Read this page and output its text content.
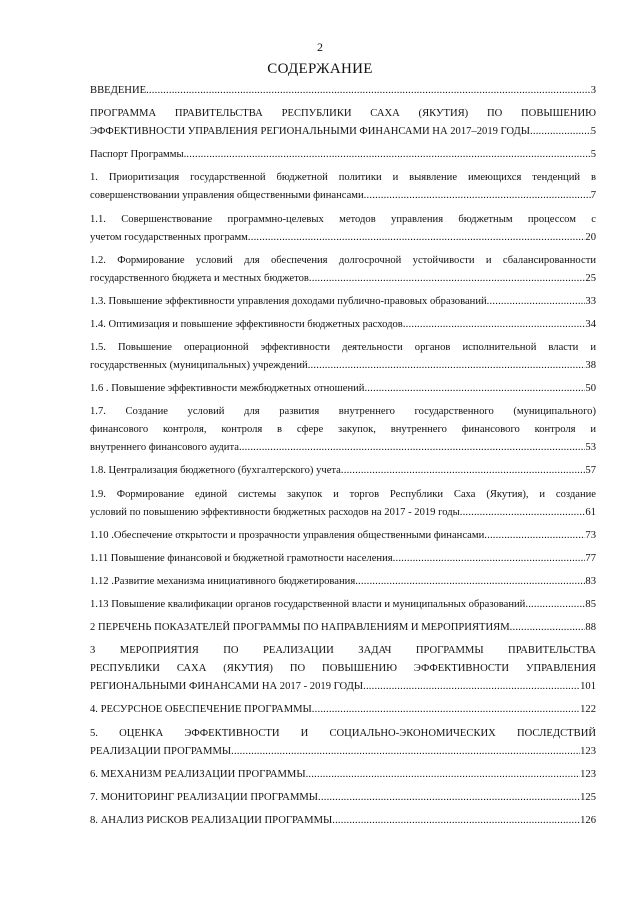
2
СОДЕРЖАНИЕ
ВВЕДЕНИЕ .....	3
ПРОГРАММА ПРАВИТЕЛЬСТВА РЕСПУБЛИКИ САХА (ЯКУТИЯ) ПО ПОВЫШЕНИЮ
ЭФФЕКТИВНОСТИ УПРАВЛЕНИЯ РЕГИОНАЛЬНЫМИ ФИНАНСАМИ НА 2017–2019 ГОДЫ .....	5
Паспорт Программы .....	5
1. Приоритизация государственной бюджетной политики и выявление имеющихся тенденций в
совершенствовании управления общественными финансами .....	7
1.1. Совершенствование программно-целевых методов управления бюджетным процессом с
учетом государственных программ .....	20
1.2. Формирование условий для обеспечения долгосрочной устойчивости и сбалансированности
государственного бюджета и местных бюджетов .....	25
1.3. Повышение эффективности управления доходами публично-правовых образований .....	33
1.4. Оптимизация и повышение эффективности бюджетных расходов .....	34
1.5. Повышение операционной эффективности деятельности органов исполнительной власти и
государственных (муниципальных) учреждений .....	38
1.6 . Повышение эффективности межбюджетных отношений .....	50
1.7. Создание условий для развития внутреннего государственного (муниципального)
финансового контроля, контроля в сфере закупок, внутреннего финансового контроля и
внутреннего финансового аудита .....	53
1.8. Централизация бюджетного (бухгалтерского) учета .....	57
1.9. Формирование единой системы закупок и торгов Республики Саха (Якутия), и создание
условий по повышению эффективности бюджетных расходов на 2017 - 2019 годы .....	61
1.10 .Обеспечение открытости и прозрачности управления общественными финансами .....	73
1.11 Повышение финансовой и бюджетной грамотности населения .....	77
1.12 .Развитие механизма инициативного бюджетирования .....	83
1.13 Повышение квалификации органов государственной власти и муниципальных образований .....	85
2 ПЕРЕЧЕНЬ ПОКАЗАТЕЛЕЙ ПРОГРАММЫ ПО НАПРАВЛЕНИЯМ И МЕРОПРИЯТИЯМ .....	88
3 МЕРОПРИЯТИЯ ПО РЕАЛИЗАЦИИ ЗАДАЧ ПРОГРАММЫ ПРАВИТЕЛЬСТВА
РЕСПУБЛИКИ САХА (ЯКУТИЯ) ПО ПОВЫШЕНИЮ ЭФФЕКТИВНОСТИ УПРАВЛЕНИЯ
РЕГИОНАЛЬНЫМИ ФИНАНСАМИ НА 2017 - 2019 ГОДЫ .....	101
4. РЕСУРСНОЕ ОБЕСПЕЧЕНИЕ ПРОГРАММЫ .....	122
5. ОЦЕНКА ЭФФЕКТИВНОСТИ И СОЦИАЛЬНО-ЭКОНОМИЧЕСКИХ ПОСЛЕДСТВИЙ
РЕАЛИЗАЦИИ ПРОГРАММЫ .....	123
6. МЕХАНИЗМ РЕАЛИЗАЦИИ ПРОГРАММЫ .....	123
7. МОНИТОРИНГ РЕАЛИЗАЦИИ ПРОГРАММЫ .....	125
8. АНАЛИЗ РИСКОВ РЕАЛИЗАЦИИ ПРОГРАММЫ .....	126
